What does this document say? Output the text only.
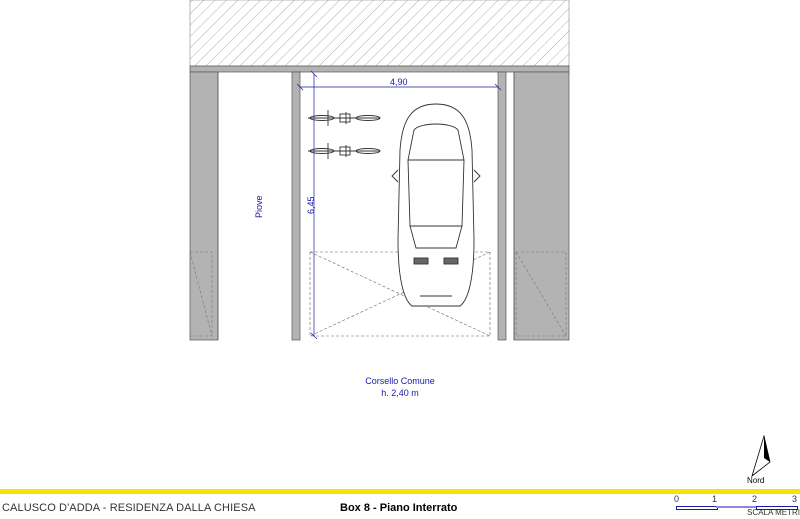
4,90
6,45
Piove
Corsello Comune
h. 2,40 m
Nord
CALUSCO D'ADDA - RESIDENZA DALLA CHIESA	Box 8 - Piano Interrato
0	1	2	3
SCALA METRI
